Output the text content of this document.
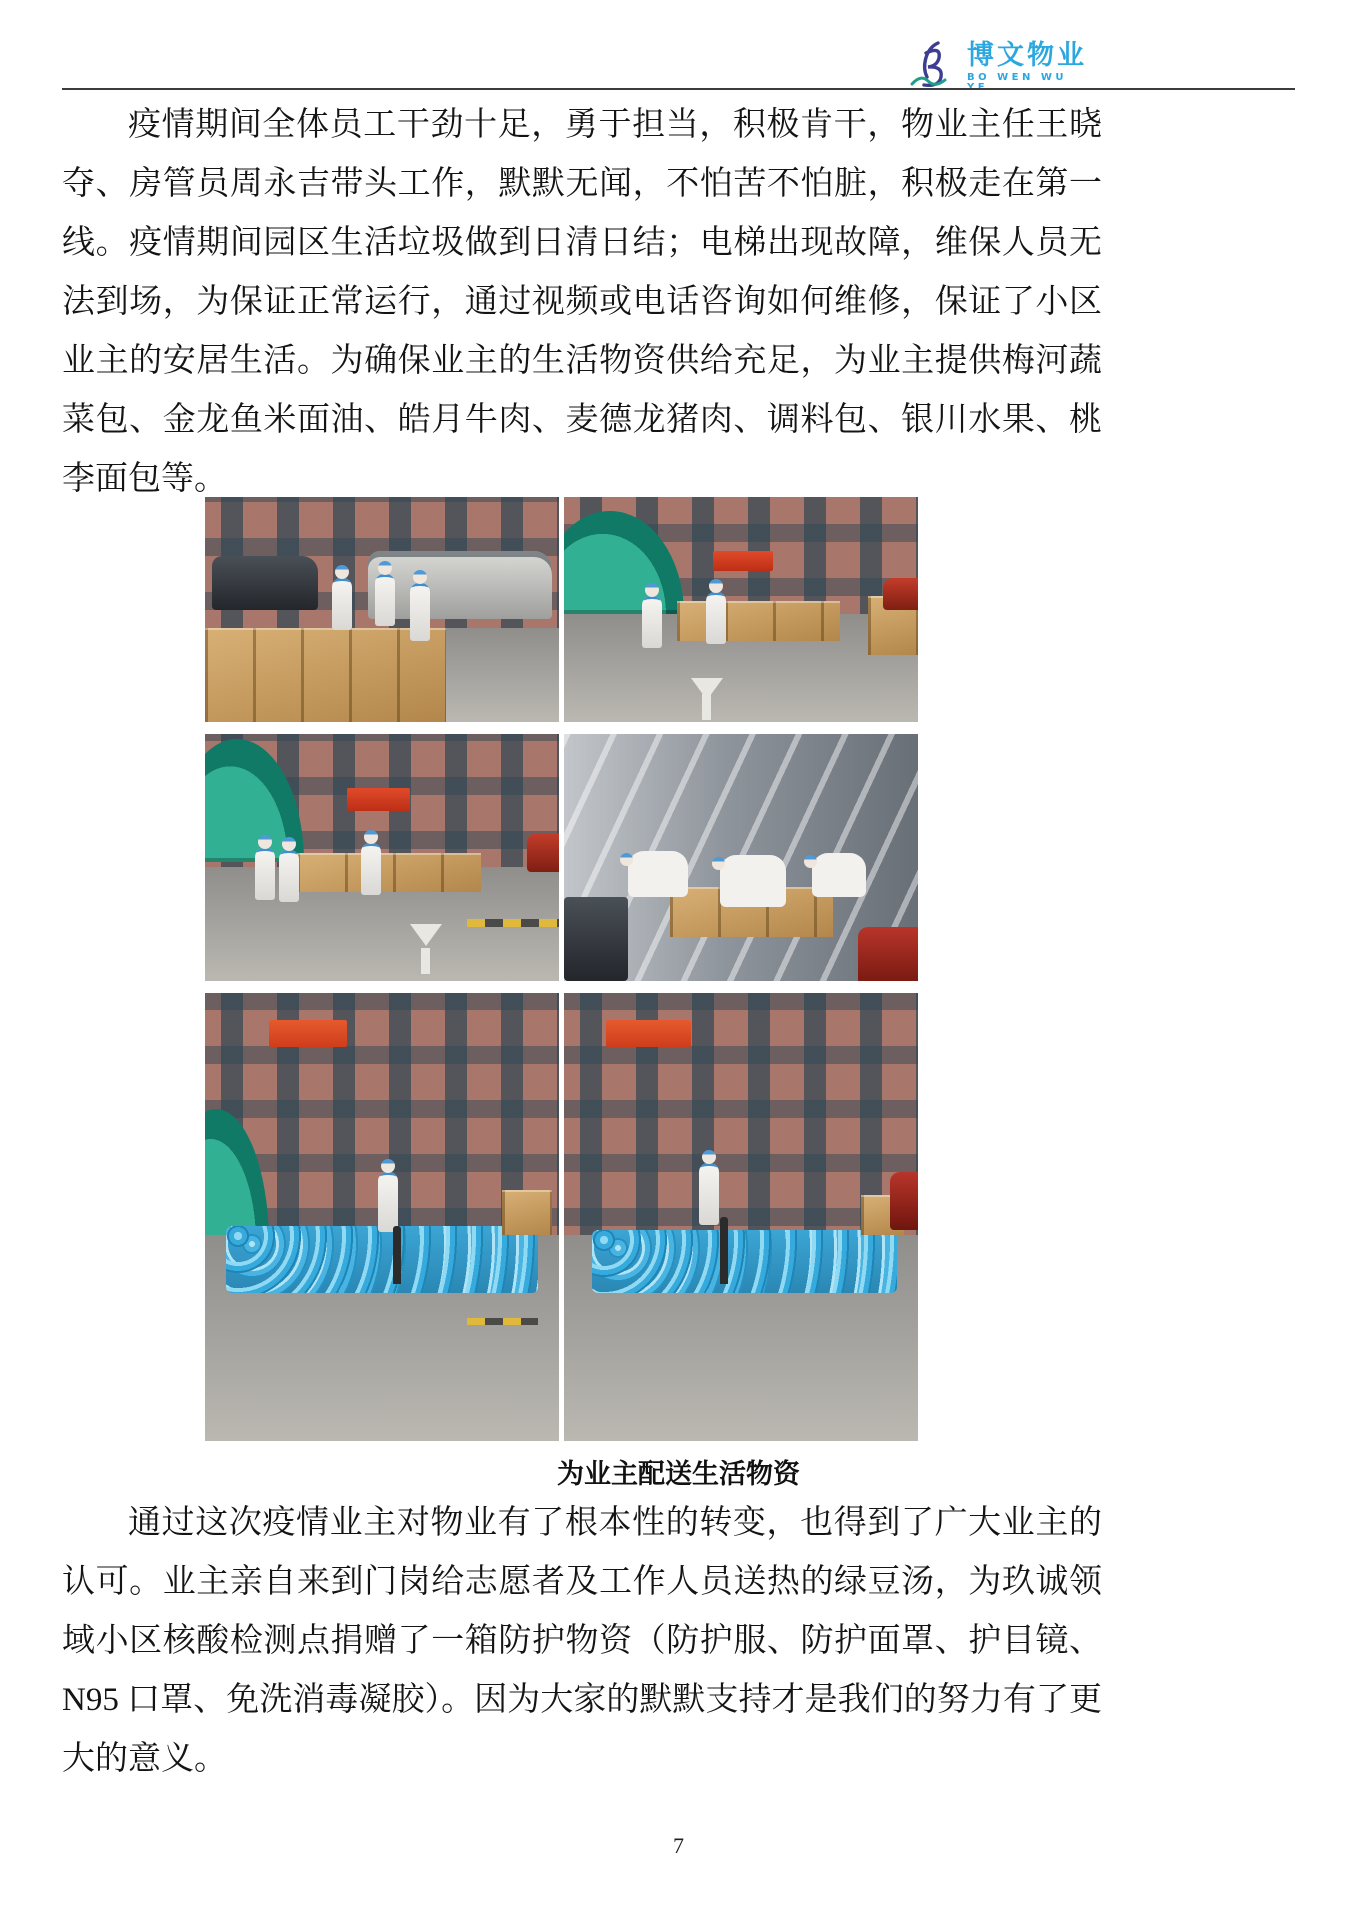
博文物业
BO WEN WU YE
疫情期间全体员工干劲十足，勇于担当，积极肯干，物业主任王晓夺、房管员周永吉带头工作，默默无闻，不怕苦不怕脏，积极走在第一线。疫情期间园区生活垃圾做到日清日结；电梯出现故障，维保人员无法到场，为保证正常运行，通过视频或电话咨询如何维修，保证了小区业主的安居生活。为确保业主的生活物资供给充足，为业主提供梅河蔬菜包、金龙鱼米面油、皓月牛肉、麦德龙猪肉、调料包、银川水果、桃李面包等。
为业主配送生活物资
通过这次疫情业主对物业有了根本性的转变，也得到了广大业主的认可。业主亲自来到门岗给志愿者及工作人员送热的绿豆汤，为玖诚领域小区核酸检测点捐赠了一箱防护物资（防护服、防护面罩、护目镜、N95 口罩、免洗消毒凝胶）。因为大家的默默支持才是我们的努力有了更大的意义。
7
